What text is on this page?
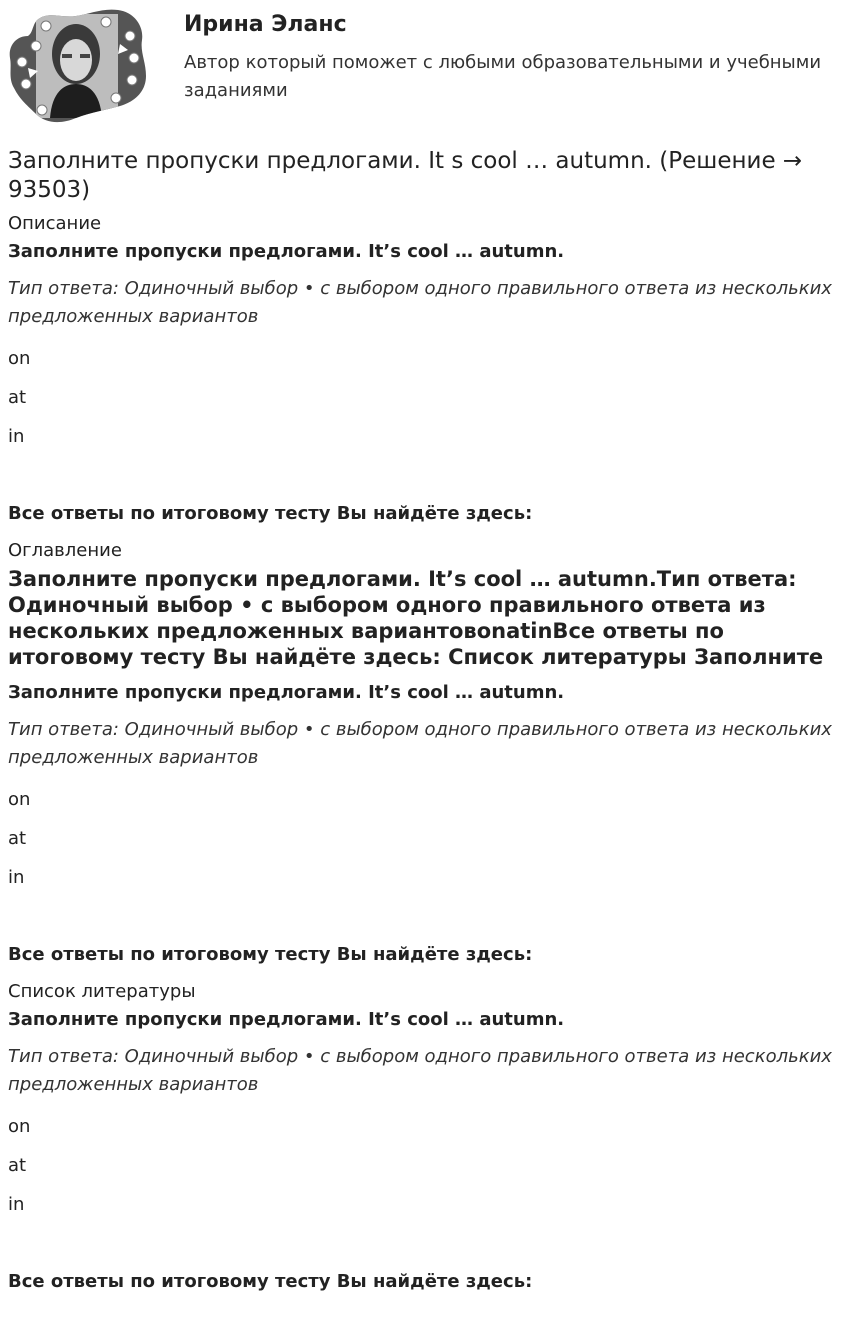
Ирина Эланс
Автор который поможет с любыми образовательными и учебными заданиями
Заполните пропуски предлогами. It s cool … autumn. (Решение → 93503)
Описание
Заполните пропуски предлогами. It’s cool … autumn.
Тип ответа: Одиночный выбор • с выбором одного правильного ответа из нескольких предложенных вариантов
on
at
in
Все ответы по итоговому тесту Вы найдёте здесь:
Оглавление
Заполните пропуски предлогами. It’s cool … autumn.Тип ответа: Одиночный выбор • с выбором одного правильного ответа из нескольких предложенных вариантовonatinВсе ответы по итоговому тесту Вы найдёте здесь: Список литературы Заполните
Заполните пропуски предлогами. It’s cool … autumn.
Тип ответа: Одиночный выбор • с выбором одного правильного ответа из нескольких предложенных вариантов
on
at
in
Все ответы по итоговому тесту Вы найдёте здесь:
Список литературы
Заполните пропуски предлогами. It’s cool … autumn.
Тип ответа: Одиночный выбор • с выбором одного правильного ответа из нескольких предложенных вариантов
on
at
in
Все ответы по итоговому тесту Вы найдёте здесь:
